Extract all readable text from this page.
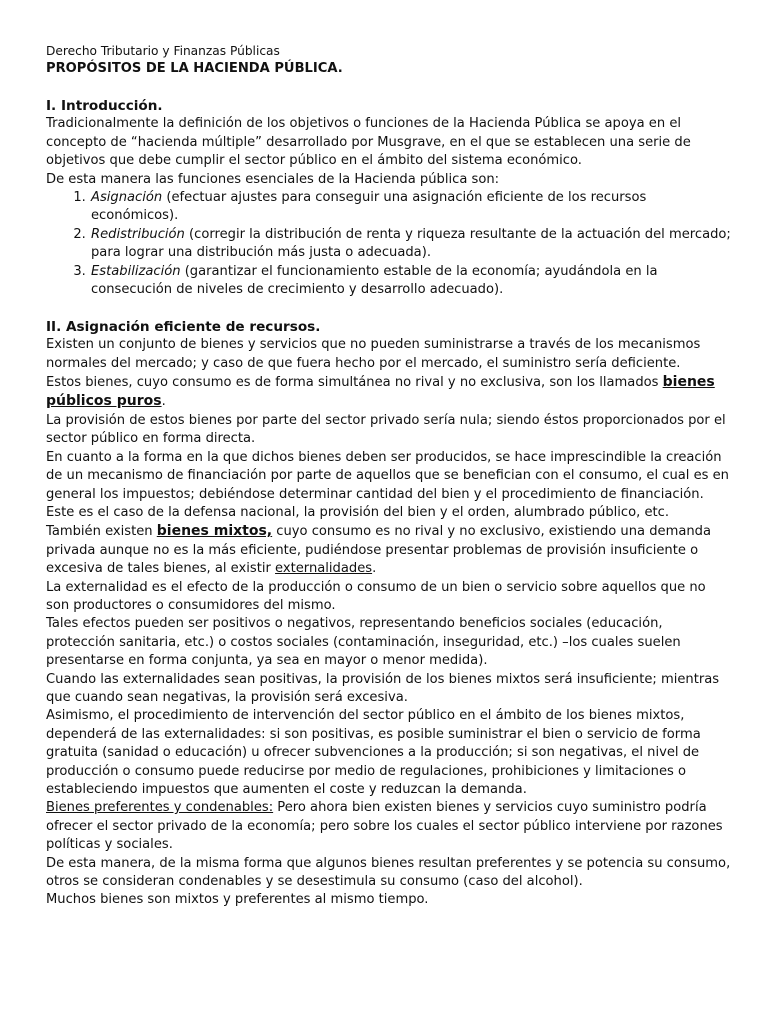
Derecho Tributario y Finanzas Públicas

PROPÓSITOS DE LA HACIENDA PÚBLICA.

I. Introducción.

Tradicionalmente la definición de los objetivos o funciones de la Hacienda Pública se apoya en el concepto de “hacienda múltiple” desarrollado por Musgrave, en el que se establecen una serie de objetivos que debe cumplir el sector público en el ámbito del sistema económico.

De esta manera las funciones esenciales de la Hacienda pública son:

1. Asignación (efectuar ajustes para conseguir una asignación eficiente de los recursos económicos).
2. Redistribución (corregir la distribución de renta y riqueza resultante de la actuación del mercado; para lograr una distribución más justa o adecuada).
3. Estabilización (garantizar el funcionamiento estable de la economía; ayudándola en la consecución de niveles de crecimiento y desarrollo adecuado).

II. Asignación eficiente de recursos.

Existen un conjunto de bienes y servicios que no pueden suministrarse a través de los mecanismos normales del mercado; y caso de que fuera hecho por el mercado, el suministro sería deficiente.

Estos bienes, cuyo consumo es de forma simultánea no rival y no exclusiva, son los llamados bienes públicos puros.

La provisión de estos bienes por parte del sector privado sería nula; siendo éstos proporcionados por el sector público en forma directa.

En cuanto a la forma en la que dichos bienes deben ser producidos, se hace imprescindible la creación de un mecanismo de financiación por parte de aquellos que se benefician con el consumo, el cual es en general los impuestos; debiéndose determinar cantidad del bien y el procedimiento de financiación.

Este es el caso de la defensa nacional, la provisión del bien y el orden, alumbrado público, etc.

También existen bienes mixtos, cuyo consumo es no rival y no exclusivo, existiendo una demanda privada aunque no es la más eficiente, pudiéndose presentar problemas de provisión insuficiente o excesiva de tales bienes, al existir externalidades.

La externalidad es el efecto de la producción o consumo de un bien o servicio sobre aquellos que no son productores o consumidores del mismo.

Tales efectos pueden ser positivos o negativos, representando beneficios sociales (educación, protección sanitaria, etc.) o costos sociales (contaminación, inseguridad, etc.) –los cuales suelen presentarse en forma conjunta, ya sea en mayor o menor medida).

Cuando las externalidades sean positivas, la provisión de los bienes mixtos será insuficiente; mientras que cuando sean negativas, la provisión será excesiva.

Asimismo, el procedimiento de intervención del sector público en el ámbito de los bienes mixtos, dependerá de las externalidades: si son positivas, es posible suministrar el bien o servicio de forma gratuita (sanidad o educación) u ofrecer subvenciones a la producción; si son negativas, el nivel de producción o consumo puede reducirse por medio de regulaciones, prohibiciones y limitaciones o estableciendo impuestos que aumenten el coste y reduzcan la demanda.

Bienes preferentes y condenables: Pero ahora bien existen bienes y servicios cuyo suministro podría ofrecer el sector privado de la economía; pero sobre los cuales el sector público interviene por razones políticas y sociales.

De esta manera, de la misma forma que algunos bienes resultan preferentes y se potencia su consumo, otros se consideran condenables y se desestimula su consumo (caso del alcohol).

Muchos bienes son mixtos y preferentes al mismo tiempo.
